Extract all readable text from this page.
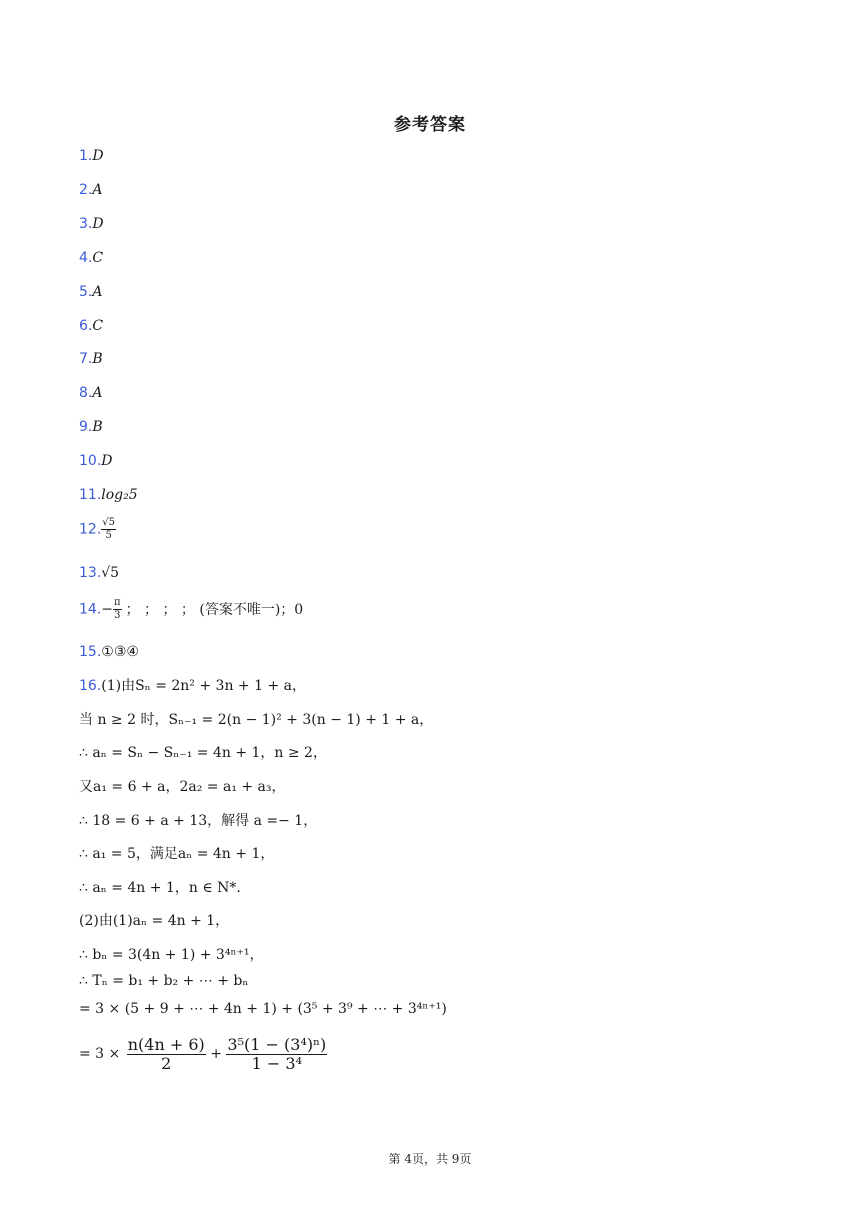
参考答案
1.D
2.A
3.D
4.C
5.A
6.C
7.B
8.A
9.B
10.D
11.log₂5
12. $\frac{√5}{5}$
13.√5
$14.- \frac{\pi}{3}$ ； ； ； ； (答案不唯一)；0
15.①③④
16.(1)由Sₙ = 2n² + 3n + 1 + a，
当 n ≥ 2 时，Sₙ₋₁ = 2(n − 1)² + 3(n − 1) + 1 + a，
∴ aₙ = Sₙ − Sₙ₋₁ = 4n + 1，n ≥ 2，
又a₁ = 6 + a，2a₂ = a₁ + a₃，
∴ 18 = 6 + a + 13，解得 a =− 1，
∴ a₁ = 5，满足aₙ = 4n + 1，
∴ aₙ = 4n + 1，n ∈ N*.
(2)由(1)aₙ = 4n + 1，
∴ bₙ = 3(4n + 1) + 3⁴ⁿ⁺¹，
∴ Tₙ = b₁ + b₂ + ⋯ + bₙ
= 3 × (5 + 9 + ⋯ + 4n + 1) + (3⁵ + 3⁹ + ⋯ + 3⁴ⁿ⁺¹)
= $3 \times \frac{n(4n + 6)}{2} + \frac{\text{3⁵(1 − (3⁴)ⁿ)}}{\text{1 − 3⁴}}$
第 4页，共 9页
